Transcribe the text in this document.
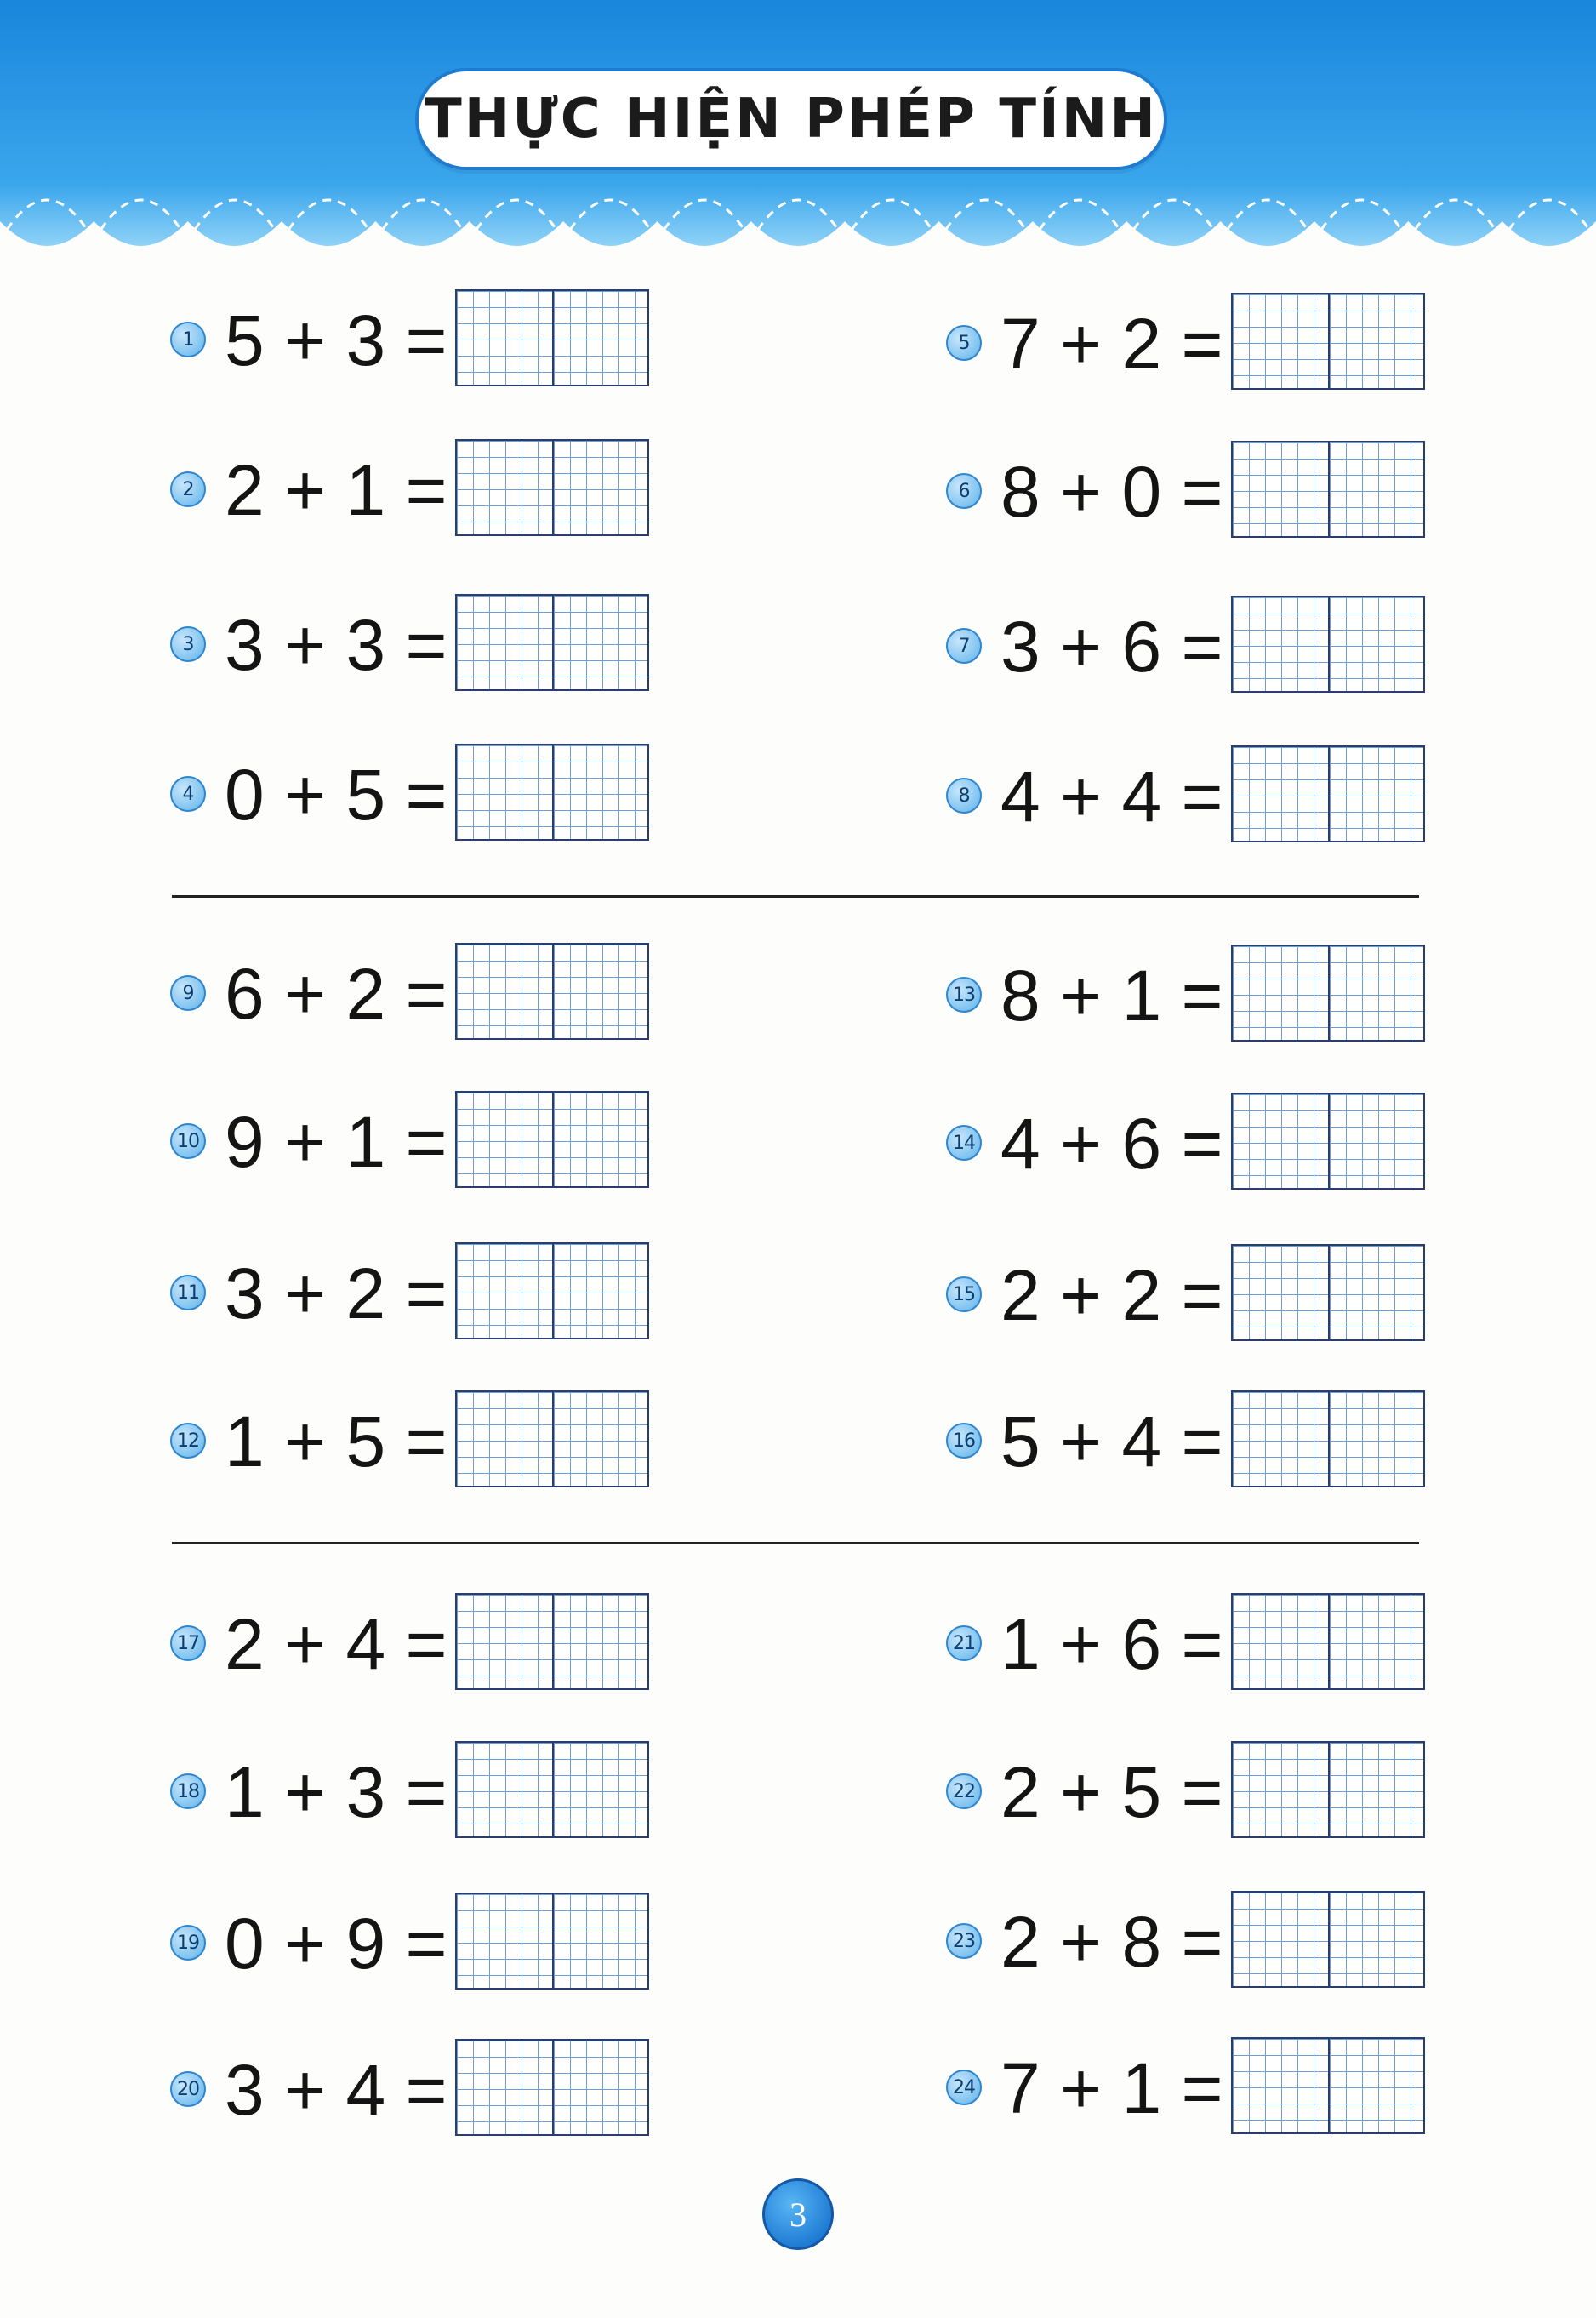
THỰC HIỆN PHÉP TÍNH
1 5 + 3 =
2 2 + 1 =
3 3 + 3 =
4 0 + 5 =
5 7 + 2 =
6 8 + 0 =
7 3 + 6 =
8 4 + 4 =
9 6 + 2 =
10 9 + 1 =
11 3 + 2 =
12 1 + 5 =
13 8 + 1 =
14 4 + 6 =
15 2 + 2 =
16 5 + 4 =
17 2 + 4 =
18 1 + 3 =
19 0 + 9 =
20 3 + 4 =
21 1 + 6 =
22 2 + 5 =
23 2 + 8 =
24 7 + 1 =
3
